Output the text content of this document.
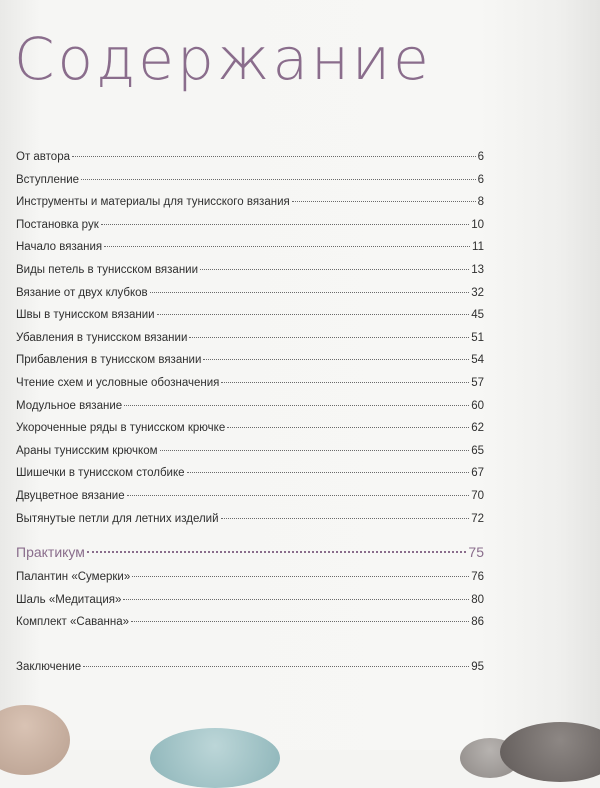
Содержание
От автора	6
Вступление	6
Инструменты и материалы для тунисского вязания	8
Постановка рук	10
Начало вязания	11
Виды петель в тунисском вязании	13
Вязание от двух клубков	32
Швы в тунисском вязании	45
Убавления в тунисском вязании	51
Прибавления в тунисском вязании	54
Чтение схем и условные обозначения	57
Модульное вязание	60
Укороченные ряды в тунисском крючке	62
Араны тунисским крючком	65
Шишечки в тунисском столбике	67
Двуцветное вязание	70
Вытянутые петли для летних изделий	72
Практикум	75
Палантин «Сумерки»	76
Шаль «Медитация»	80
Комплект «Саванна»	86
Заключение	95
